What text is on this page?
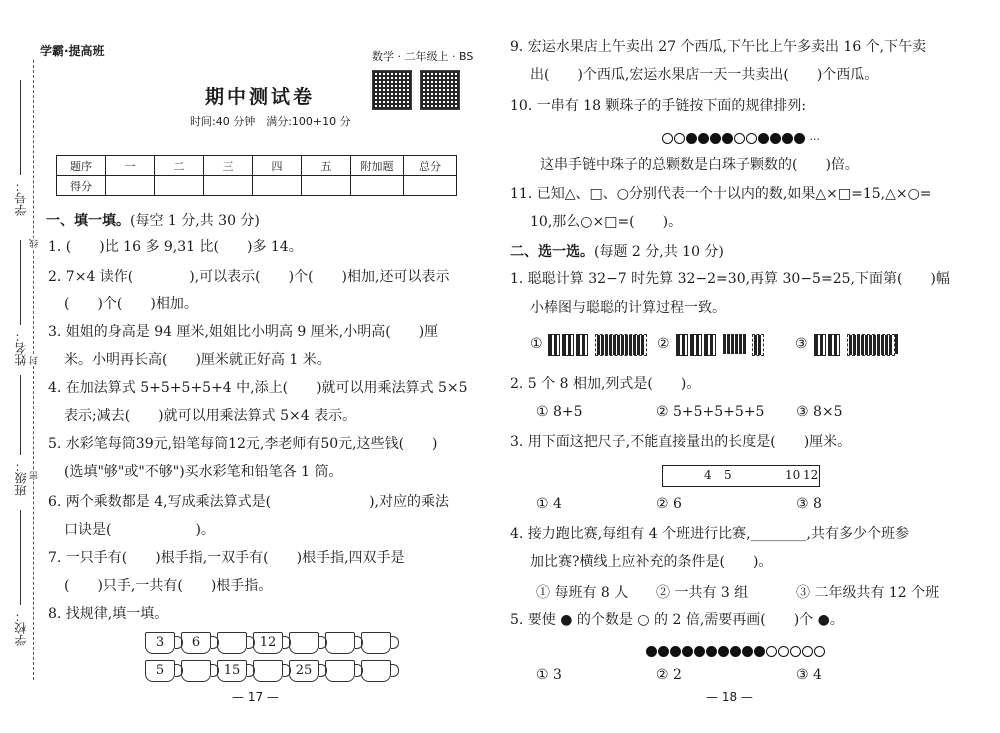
学号：
姓名：
班级：
学校：
线
封
密
学霸·提高班	数学 · 二年级上 · BS
期中测试卷
时间:40 分钟　满分:100+10 分
题序	一	二	三	四	五	附加题	总分
得分							
一、填一填。(每空 1 分,共 30 分)
1. (　　)比 16 多 9,31 比(　　)多 14。
2. 7×4 读作(　　　　),可以表示(　　)个(　　)相加,还可以表示
(　　)个(　　)相加。
3. 姐姐的身高是 94 厘米,姐姐比小明高 9 厘米,小明高(　　)厘
米。小明再长高(　　)厘米就正好高 1 米。
4. 在加法算式 5+5+5+5+4 中,添上(　　)就可以用乘法算式 5×5
表示;减去(　　)就可以用乘法算式 5×4 表示。
5. 水彩笔每筒39元,铅笔每筒12元,李老师有50元,这些钱(　　)
(选填"够"或"不够")买水彩笔和铅笔各 1 筒。
6. 两个乘数都是 4,写成乘法算式是(　　　　　　　),对应的乘法
口诀是(　　　　　　)。
7. 一只手有(　　)根手指,一双手有(　　)根手指,四双手是
(　　)只手,一共有(　　)根手指。
8. 找规律,填一填。
3	6	12
5	15	25
— 17 —
9. 宏运水果店上午卖出 27 个西瓜,下午比上午多卖出 16 个,下午卖
出(　　)个西瓜,宏运水果店一天一共卖出(　　)个西瓜。
10. 一串有 18 颗珠子的手链按下面的规律排列:
···
这串手链中珠子的总颗数是白珠子颗数的(　　)倍。
11. 已知△、□、○分别代表一个十以内的数,如果△×□=15,△×○=
10,那么○×□=(　　)。
二、选一选。(每题 2 分,共 10 分)
1. 聪聪计算 32−7 时先算 32−2=30,再算 30−5=25,下面第(　　)幅
小棒图与聪聪的计算过程一致。
①
	②
	③

2. 5 个 8 相加,列式是(　　)。
① 8+5	② 5+5+5+5+5 ③ 8×5
3. 用下面这把尺子,不能直接量出的长度是(　　)厘米。
4 5	10 12
① 4	② 6	③ 8
4. 接力跑比赛,每组有 4 个班进行比赛,________,共有多少个班参
加比赛?横线上应补充的条件是(　　)。
① 每班有 8 人 ② 一共有 3 组	③ 二年级共有 12 个班
5. 要使 ● 的个数是 ○ 的 2 倍,需要再画(　　)个 ●。
① 3	② 2	③ 4
— 18 —
